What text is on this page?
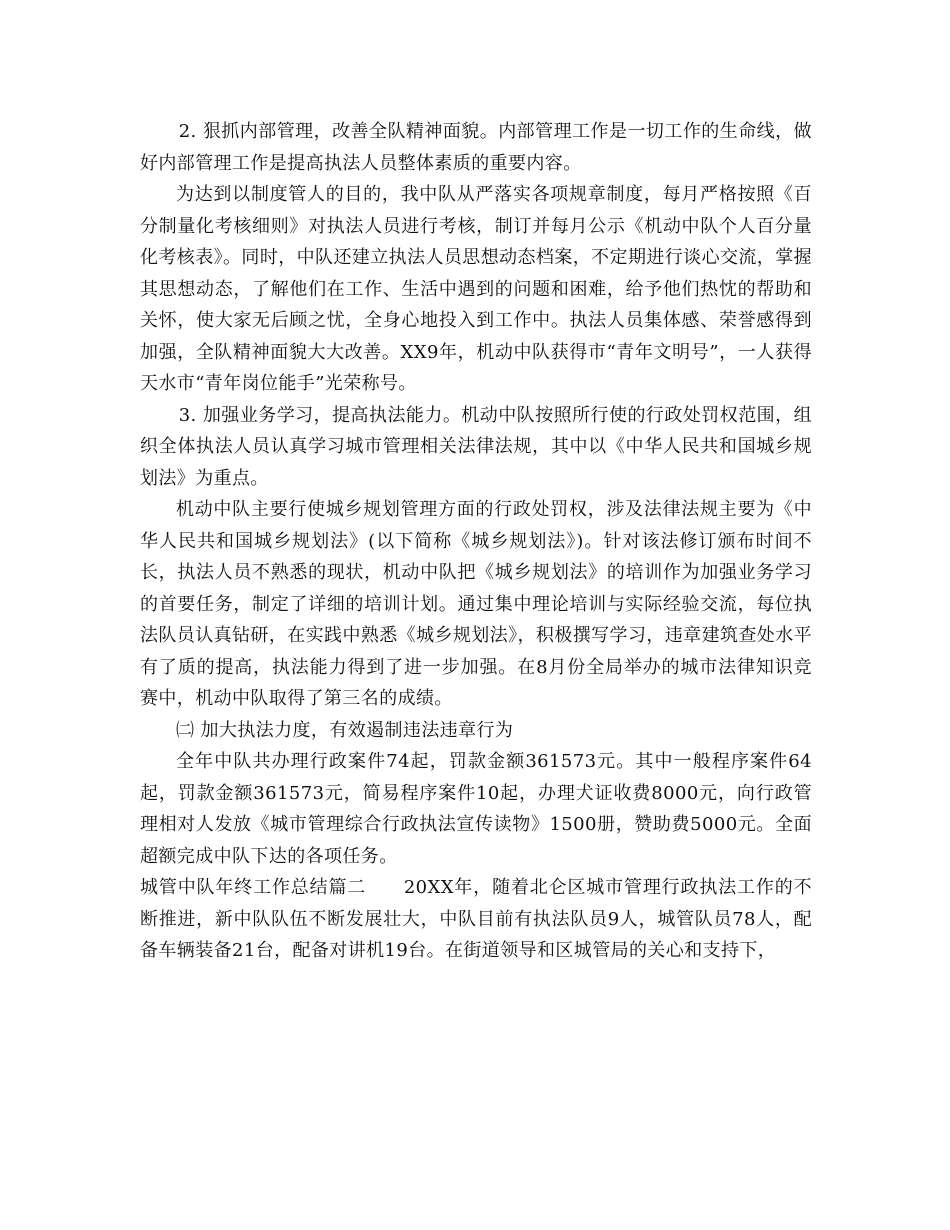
2. 狠抓内部管理，改善全队精神面貌。内部管理工作是一切工作的生命线，做好内部管理工作是提高执法人员整体素质的重要内容。

为达到以制度管人的目的，我中队从严落实各项规章制度，每月严格按照《百分制量化考核细则》对执法人员进行考核，制订并每月公示《机动中队个人百分量化考核表》。同时，中队还建立执法人员思想动态档案，不定期进行谈心交流，掌握其思想动态，了解他们在工作、生活中遇到的问题和困难，给予他们热忱的帮助和关怀，使大家无后顾之忧，全身心地投入到工作中。执法人员集体感、荣誉感得到加强，全队精神面貌大大改善。XX9年，机动中队获得市“青年文明号”，一人获得天水市“青年岗位能手”光荣称号。

3. 加强业务学习，提高执法能力。机动中队按照所行使的行政处罚权范围，组织全体执法人员认真学习城市管理相关法律法规，其中以《中华人民共和国城乡规划法》为重点。

机动中队主要行使城乡规划管理方面的行政处罚权，涉及法律法规主要为《中华人民共和国城乡规划法》(以下简称《城乡规划法》)。针对该法修订颁布时间不长，执法人员不熟悉的现状，机动中队把《城乡规划法》的培训作为加强业务学习的首要任务，制定了详细的培训计划。通过集中理论培训与实际经验交流，每位执法队员认真钻研，在实践中熟悉《城乡规划法》，积极撰写学习，违章建筑查处水平有了质的提高，执法能力得到了进一步加强。在8月份全局举办的城市法律知识竞赛中，机动中队取得了第三名的成绩。

㈡ 加大执法力度，有效遏制违法违章行为

全年中队共办理行政案件74起，罚款金额361573元。其中一般程序案件64起，罚款金额361573元，简易程序案件10起，办理犬证收费8000元，向行政管理相对人发放《城市管理综合行政执法宣传读物》1500册，赞助费5000元。全面超额完成中队下达的各项任务。

城管中队年终工作总结篇二　　20XX年，随着北仑区城市管理行政执法工作的不断推进，新中队队伍不断发展壮大，中队目前有执法队员9人，城管队员78人，配备车辆装备21台，配备对讲机19台。在街道领导和区城管局的关心和支持下，
